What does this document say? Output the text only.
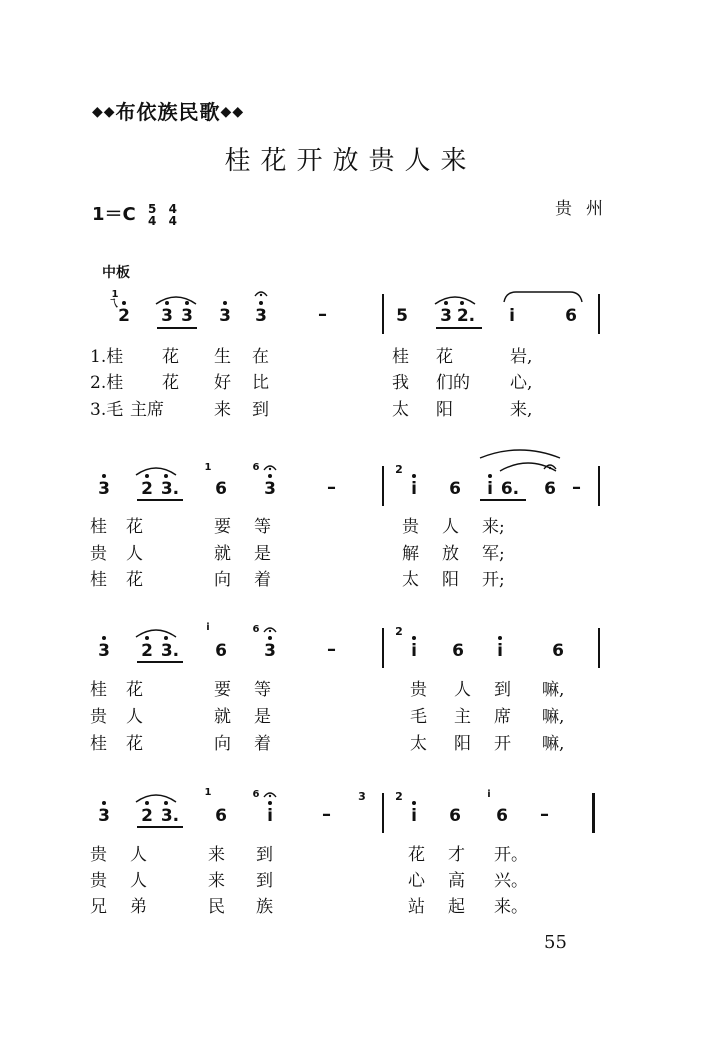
◆◆布依族民歌◆◆
桂花开放贵人来
1＝C 5
4

4
4
贵州
中板
1
乁
2 3 3 3 3	–	5 3 2.	i	6
1.桂 花 生 在	桂 花	岩,
2.桂 花 好 比	我 们的 心,
3.毛 主席	来 到	太 阳	来,
3 2 3.
1
6
6
3	–
2
i	6	i 6. 6 –
桂 花	要 等	贵 人 来;
贵 人	就 是	解 放 军;
桂 花	向 着	太 阳 开;
3 2 3.
i
6
6
3	–
2
i	6	i	6
桂 花	要 等	贵 人 到 嘛,
贵 人	就 是	毛 主 席 嘛,
桂 花	向 着	太 阳 开 嘛,
3 2 3.
1
6
6
i	–
3	2
i	6
i
6 –
贵 人	来 到	花 才 开。
贵 人	来 到	心 高 兴。
兄 弟	民 族	站 起 来。
55
